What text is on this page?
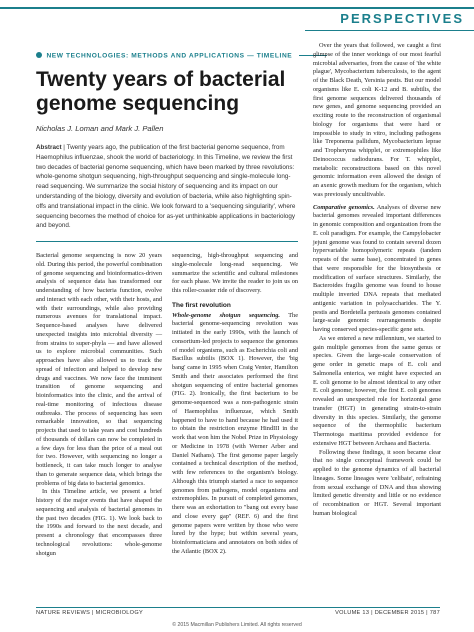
PERSPECTIVES
NEW TECHNOLOGIES: METHODS AND APPLICATIONS — TIMELINE
Twenty years of bacterial genome sequencing
Nicholas J. Loman and Mark J. Pallen
Abstract | Twenty years ago, the publication of the first bacterial genome sequence, from Haemophilus influenzae, shook the world of bacteriology. In this Timeline, we review the first two decades of bacterial genome sequencing, which have been marked by three revolutions: whole-genome shotgun sequencing, high-throughput sequencing and single-molecule long-read sequencing. We summarize the social history of sequencing and its impact on our understanding of the biology, diversity and evolution of bacteria, while also highlighting spin-offs and translational impact in the clinic. We look forward to a 'sequencing singularity', where sequencing becomes the method of choice for as-yet unthinkable applications in bacteriology and beyond.

Bacterial genome sequencing is now 20 years old. During this period, the powerful combination of genome sequencing and bioinformatics-driven analysis of sequence data has transformed our understanding of how bacteria function, evolve and interact with each other, with their hosts, and with their surroundings, while also providing numerous avenues for translational impact. Sequence-based analyses have delivered unexpected insights into microbial diversity — from strains to super-phyla — and have allowed us to explore microbial communities. Such approaches have also allowed us to track the spread of infection and helped to develop new drugs and vaccines. We now face the imminent transition of genome sequencing and bioinformatics into the clinic, and the arrival of real-time monitoring of infectious disease outbreaks. The process of sequencing has seen remarkable innovation, so that sequencing projects that used to take years and cost hundreds of thousands of dollars can now be completed in a few days for less than the price of a meal out for two. However, with sequencing no longer a bottleneck, it can take much longer to analyse than to generate sequence data, which brings the problems of big data to bacterial genomics.

In this Timeline article, we present a brief history of the major events that have shaped the sequencing and analysis of bacterial genomes in the past two decades (FIG. 1). We look back to the 1990s and forward to the next decade, and present a chronology that encompasses three technological revolutions: whole-genome shotgun

sequencing, high-throughput sequencing and single-molecule long-read sequencing. We summarize the scientific and cultural milestones for each phase. We invite the reader to join us on this roller-coaster ride of discovery.

The first revolution

Whole-genome shotgun sequencing. The bacterial genome-sequencing revolution was initiated in the early 1990s, with the launch of consortium-led projects to sequence the genomes of model organisms, such as Escherichia coli and Bacillus subtilis (BOX 1). However, the 'big bang' came in 1995 when Craig Venter, Hamilton Smith and their associates performed the first shotgun sequencing of entire bacterial genomes (FIG. 2). Ironically, the first bacterium to be genome-sequenced was a non-pathogenic strain of Haemophilus influenzae, which Smith happened to have to hand because he had used it to obtain the restriction enzyme HindIII in the work that won him the Nobel Prize in Physiology or Medicine in 1978 (with Werner Arber and Daniel Nathans). The first genome paper largely contained a technical description of the method, with few references to the organism's biology. Although this triumph started a race to sequence genomes from pathogens, model organisms and extremophiles. In pursuit of completed genomes, there was an exhortation to "bang out every base and close every gap" (REF. 6) and the first genome papers were written by those who were lured by the hype; but within several years, bioinformaticians and annotators on both sides of the Atlantic (BOX 2).

Over the years that followed, we caught a first glimpse of the inner workings of our most fearful microbial adversaries, from the cause of 'the white plague', Mycobacterium tuberculosis, to the agent of the Black Death, Yersinia pestis. But our model organisms like E. coli K-12 and B. subtilis, the first genome sequences delivered thousands of new genes, and genome sequencing provided an exciting route to the reconstruction of organismal biology for organisms that were hard or impossible to study in vitro, including pathogens like Treponema pallidum, Mycobacterium leprae and Tropheryma whipplei, or extremophiles like Deinococcus radiodurans. For T. whipplei, metabolic reconstructions based on this novel genomic information even allowed the design of an axenic growth medium for the organism, which was previously uncultivable.

Comparative genomics. Analyses of diverse new bacterial genomes revealed important differences in genomic composition and organization from the E. coli paradigm. For example, the Campylobacter jejuni genome was found to contain several dozen hypervariable homopolymeric repeats (tandem repeats of the same base), concentrated in genes that were responsible for the biosynthesis or modification of surface structures. Similarly, the Bacteroides fragilis genome was found to house multiple inverted DNA repeats that mediated antigenic variation in polysaccharides. The Y. pestis and Bordetella pertussis genomes contained large-scale genomic rearrangements despite having conserved species-specific gene sets.

As we entered a new millennium, we started to gain multiple genomes from the same genus or species. Given the large-scale conservation of gene order in genetic maps of E. coli and Salmonella enterica, we might have expected an E. coli genome to be almost identical to any other E. coli genome; however, the first E. coli genomes revealed an unexpected role for horizontal gene transfer (HGT) in generating strain-to-strain diversity in this species. Similarly, the genome sequence of the thermophilic bacterium Thermotoga maritima provided evidence for extensive HGT between Archaea and Bacteria.

Following these findings, it soon became clear that no single conceptual framework could be applied to the genome dynamics of all bacterial lineages. Some lineages were 'celibate', refraining from sexual exchange of DNA and thus showing limited genetic diversity and little or no evidence of recombination or HGT. Several important human biological

NATURE REVIEWS | MICROBIOLOGY	VOLUME 13 | DECEMBER 2015 | 787
© 2015 Macmillan Publishers Limited. All rights reserved
